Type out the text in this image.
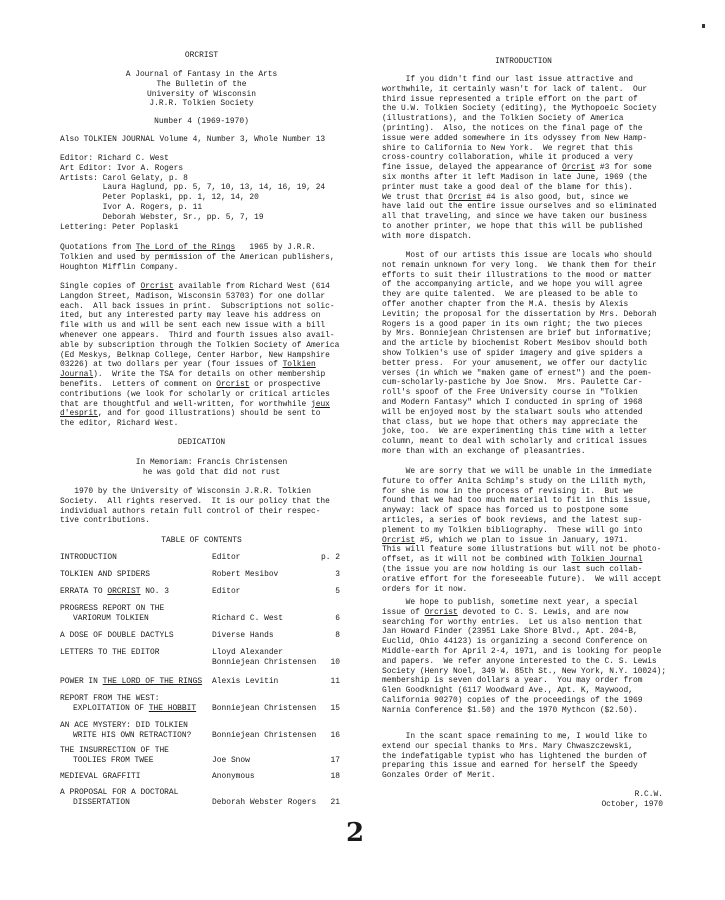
ORCRIST
A Journal of Fantasy in the Arts
The Bulletin of the
University of Wisconsin
J.R.R. Tolkien Society
Number 4 (1969-1970)
Also TOLKIEN JOURNAL Volume 4, Number 3, Whole Number 13
Editor: Richard C. West
Art Editor: Ivor A. Rogers
Artists: Carol Gelaty, p. 8
Laura Haglund, pp. 5, 7, 10, 13, 14, 16, 19, 24
Peter Poplaski, pp. 1, 12, 14, 20
Ivor A. Rogers, p. 11
Deborah Webster, Sr., pp. 5, 7, 19
Lettering: Peter Poplaski
Quotations from The Lord of the Rings   1965 by J.R.R.
Tolkien and used by permission of the American publishers,
Houghton Mifflin Company.
Single copies of Orcrist available from Richard West (614
Langdon Street, Madison, Wisconsin 53703) for one dollar
each.  All back issues in print.  Subscriptions not solic-
ited, but any interested party may leave his address on
file with us and will be sent each new issue with a bill
whenever one appears.  Third and fourth issues also avail-
able by subscription through the Tolkien Society of America
(Ed Meskys, Belknap College, Center Harbor, New Hampshire
03226) at two dollars per year (four issues of Tolkien
Journal).  Write the TSA for details on other membership
benefits.  Letters of comment on Orcrist or prospective
contributions (we look for scholarly or critical articles
that are thoughtful and well-written, for worthwhile jeux
d'esprit, and for good illustrations) should be sent to
the editor, Richard West.
DEDICATION
In Memoriam: Francis Christensen
he was gold that did not rust
1970 by the University of Wisconsin J.R.R. Tolkien
Society.  All rights reserved.  It is our policy that the
individual authors retain full control of their respec-
tive contributions.
TABLE OF CONTENTS
INTRODUCTION	Editor	p. 2
TOLKIEN AND SPIDERS	Robert Mesibov	3
ERRATA TO ORCRIST NO. 3	Editor	5
PROGRESS REPORT ON THE
VARIORUM TOLKIEN	Richard C. West	6
A DOSE OF DOUBLE DACTYLS	Diverse Hands	8
LETTERS TO THE EDITOR	Lloyd Alexander
Bonniejean Christensen 10
POWER IN THE LORD OF THE RINGS Alexis Levitin	11
REPORT FROM THE WEST:
EXPLOITATION OF THE HOBBIT Bonniejean Christensen 15
AN ACE MYSTERY: DID TOLKIEN
WRITE HIS OWN RETRACTION?	Bonniejean Christensen 16
THE INSURRECTION OF THE
TOOLIES FROM TWEE	Joe Snow	17
MEDIEVAL GRAFFITI	Anonymous	18
A PROPOSAL FOR A DOCTORAL
DISSERTATION	Deborah Webster Rogers 21
INTRODUCTION
If you didn't find our last issue attractive and
worthwhile, it certainly wasn't for lack of talent.  Our
third issue represented a triple effort on the part of
the U.W. Tolkien Society (editing), the Mythopoeic Society
(illustrations), and the Tolkien Society of America
(printing).  Also, the notices on the final page of the
issue were added somewhere in its odyssey from New Hamp-
shire to California to New York.  We regret that this
cross-country collaboration, while it produced a very
fine issue, delayed the appearance of Orcrist #3 for some
six months after it left Madison in late June, 1969 (the
printer must take a good deal of the blame for this).
We trust that Orcrist #4 is also good, but, since we
have laid out the entire issue ourselves and so eliminated
all that traveling, and since we have taken our business
to another printer, we hope that this will be published
with more dispatch.
Most of our artists this issue are locals who should
not remain unknown for very long.  We thank them for their
efforts to suit their illustrations to the mood or matter
of the accompanying article, and we hope you will agree
they are quite talented.  We are pleased to be able to
offer another chapter from the M.A. thesis by Alexis
Levitin; the proposal for the dissertation by Mrs. Deborah
Rogers is a good paper in its own right; the two pieces
by Mrs. Bonniejean Christensen are brief but informative;
and the article by biochemist Robert Mesibov should both
show Tolkien's use of spider imagery and give spiders a
better press.  For your amusement, we offer our dactylic
verses (in which we "maken game of ernest") and the poem-
cum-scholarly-pastiche by Joe Snow.  Mrs. Paulette Car-
roll's spoof of the Free University course in "Tolkien
and Modern Fantasy" which I conducted in spring of 1968
will be enjoyed most by the stalwart souls who attended
that class, but we hope that others may appreciate the
joke, too.  We are experimenting this time with a letter
column, meant to deal with scholarly and critical issues
more than with an exchange of pleasantries.
We are sorry that we will be unable in the immediate
future to offer Anita Schimp's study on the Lilith myth,
for she is now in the process of revising it.  But we
found that we had too much material to fit in this issue,
anyway: lack of space has forced us to postpone some
articles, a series of book reviews, and the latest sup-
plement to my Tolkien bibliography.  These will go into
Orcrist #5, which we plan to issue in January, 1971.
This will feature some illustrations but will not be photo-
offset, as it will not be combined with Tolkien Journal
(the issue you are now holding is our last such collab-
orative effort for the foreseeable future).  We will accept
orders for it now.
We hope to publish, sometime next year, a special
issue of Orcrist devoted to C. S. Lewis, and are now
searching for worthy entries.  Let us also mention that
Jan Howard Finder (23951 Lake Shore Blvd., Apt. 204-B,
Euclid, Ohio 44123) is organizing a second Conference on
Middle-earth for April 2-4, 1971, and is looking for people
and papers.  We refer anyone interested to the C. S. Lewis
Society (Henry Noel, 349 W. 85th St., New York, N.Y. 10024);
membership is seven dollars a year.  You may order from
Glen Goodknight (6117 Woodward Ave., Apt. K, Maywood,
California 90270) copies of the proceedings of the 1969
Narnia Conference $1.50) and the 1970 Mythcon ($2.50).
In the scant space remaining to me, I would like to
extend our special thanks to Mrs. Mary Chwaszczewski,
the indefatigable typist who has lightened the burden of
preparing this issue and earned for herself the Speedy
Gonzales Order of Merit.
R.C.W.
October, 1970
2
